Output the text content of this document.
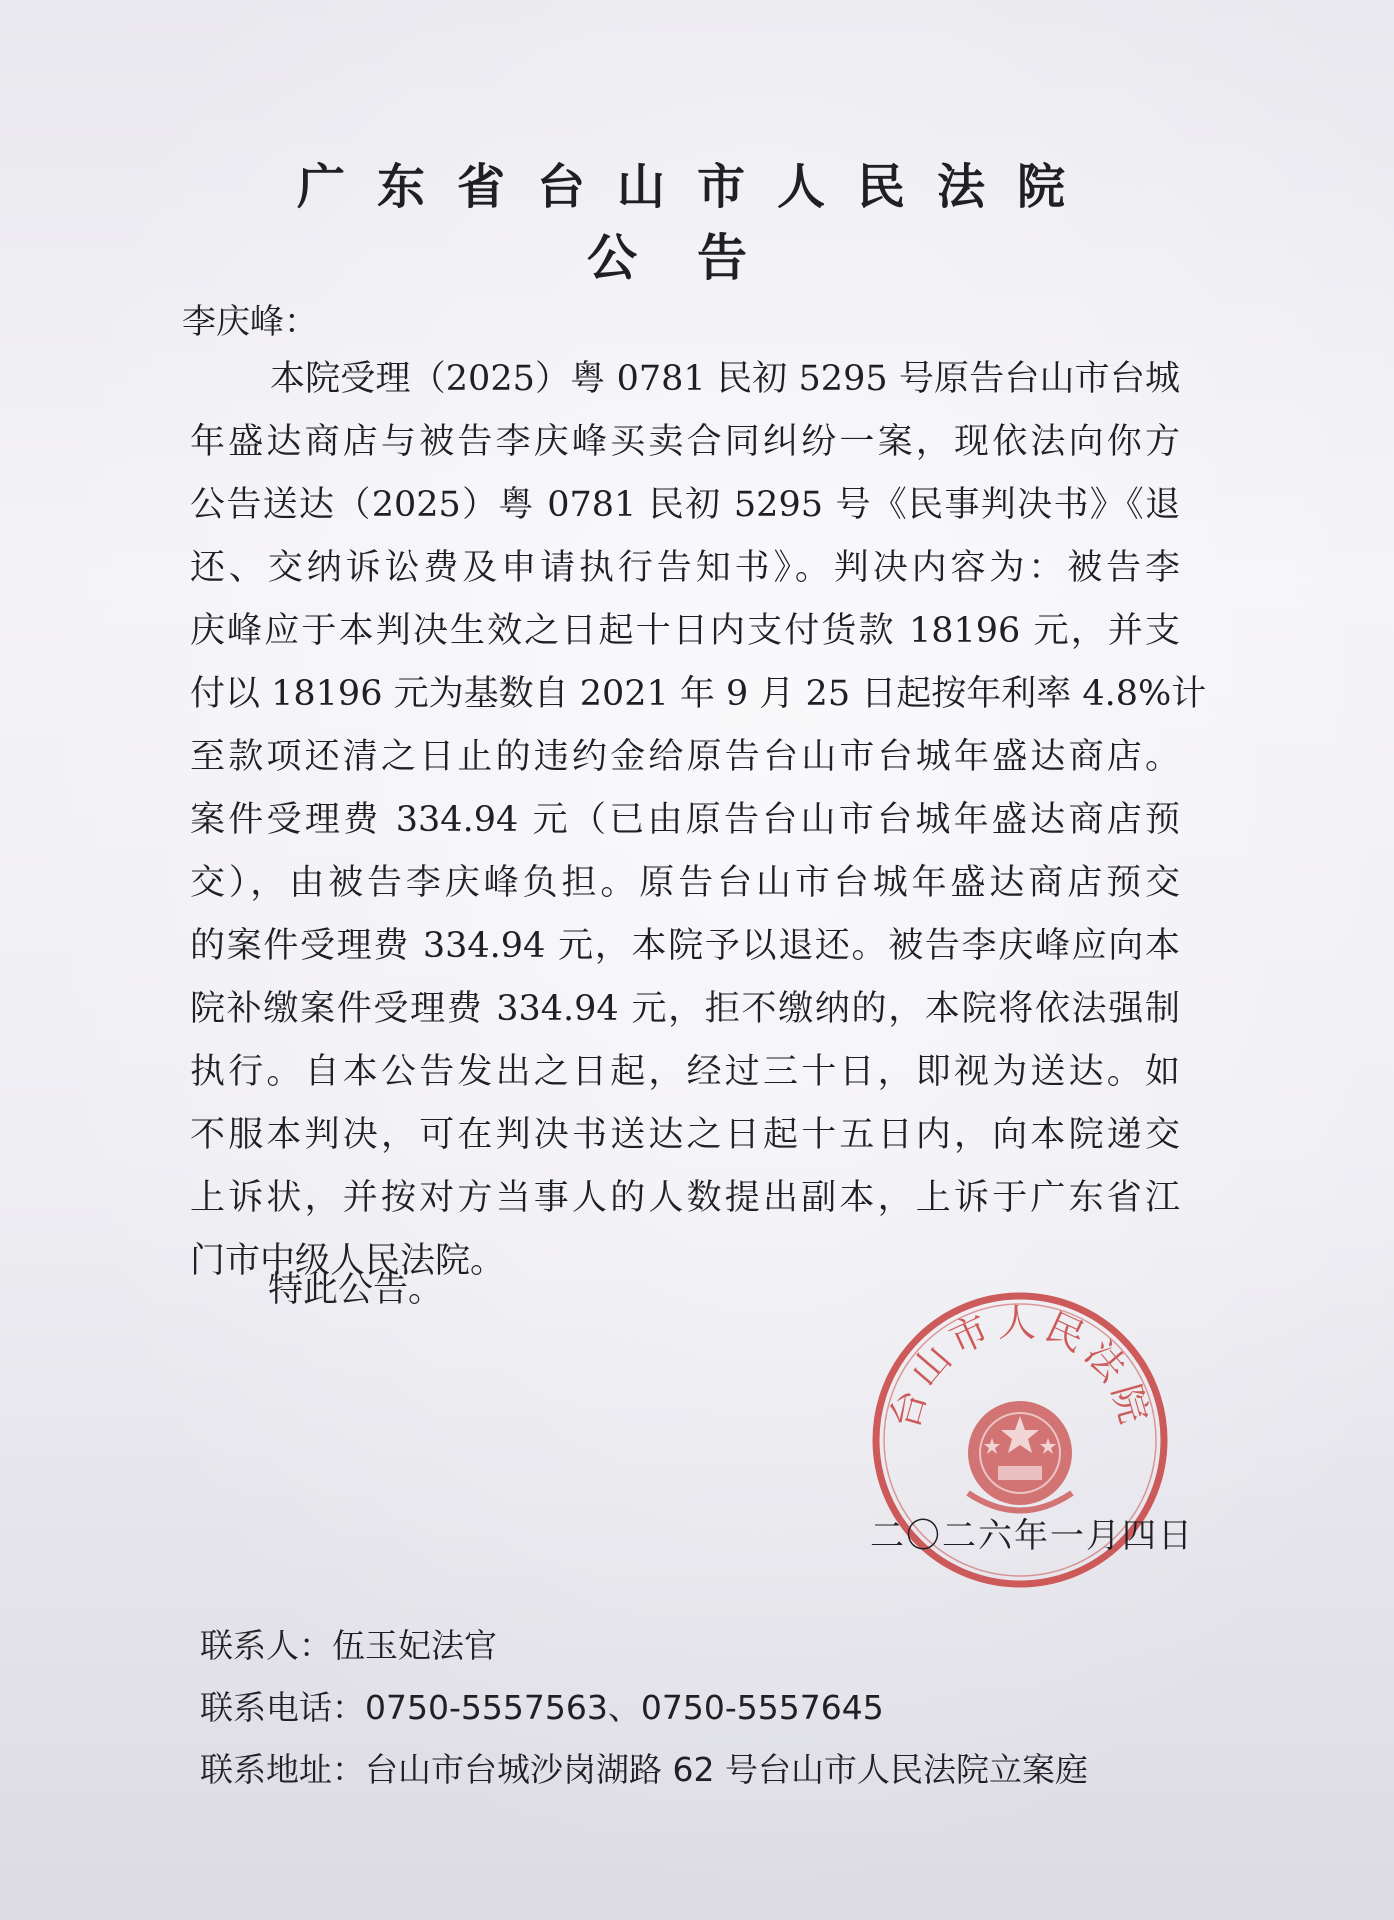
广东省台山市人民法院
公告
李庆峰：
本院受理（2025）粤 0781 民初 5295 号原告台山市台城
年盛达商店与被告李庆峰买卖合同纠纷一案，现依法向你方
公告送达（2025）粤 0781 民初 5295 号《民事判决书》《退
还、交纳诉讼费及申请执行告知书》。判决内容为：被告李
庆峰应于本判决生效之日起十日内支付货款 18196 元，并支
付以 18196 元为基数自 2021 年 9 月 25 日起按年利率 4.8%计
至款项还清之日止的违约金给原告台山市台城年盛达商店。
案件受理费 334.94 元（已由原告台山市台城年盛达商店预
交），由被告李庆峰负担。原告台山市台城年盛达商店预交
的案件受理费 334.94 元，本院予以退还。被告李庆峰应向本
院补缴案件受理费 334.94 元，拒不缴纳的，本院将依法强制
执行。自本公告发出之日起，经过三十日，即视为送达。如
不服本判决，可在判决书送达之日起十五日内，向本院递交
上诉状，并按对方当事人的人数提出副本，上诉于广东省江
门市中级人民法院。
特此公告。
台山市人民法院
二〇二六年一月四日
联系人：伍玉妃法官
联系电话：0750-5557563、0750-5557645
联系地址：台山市台城沙岗湖路 62 号台山市人民法院立案庭
